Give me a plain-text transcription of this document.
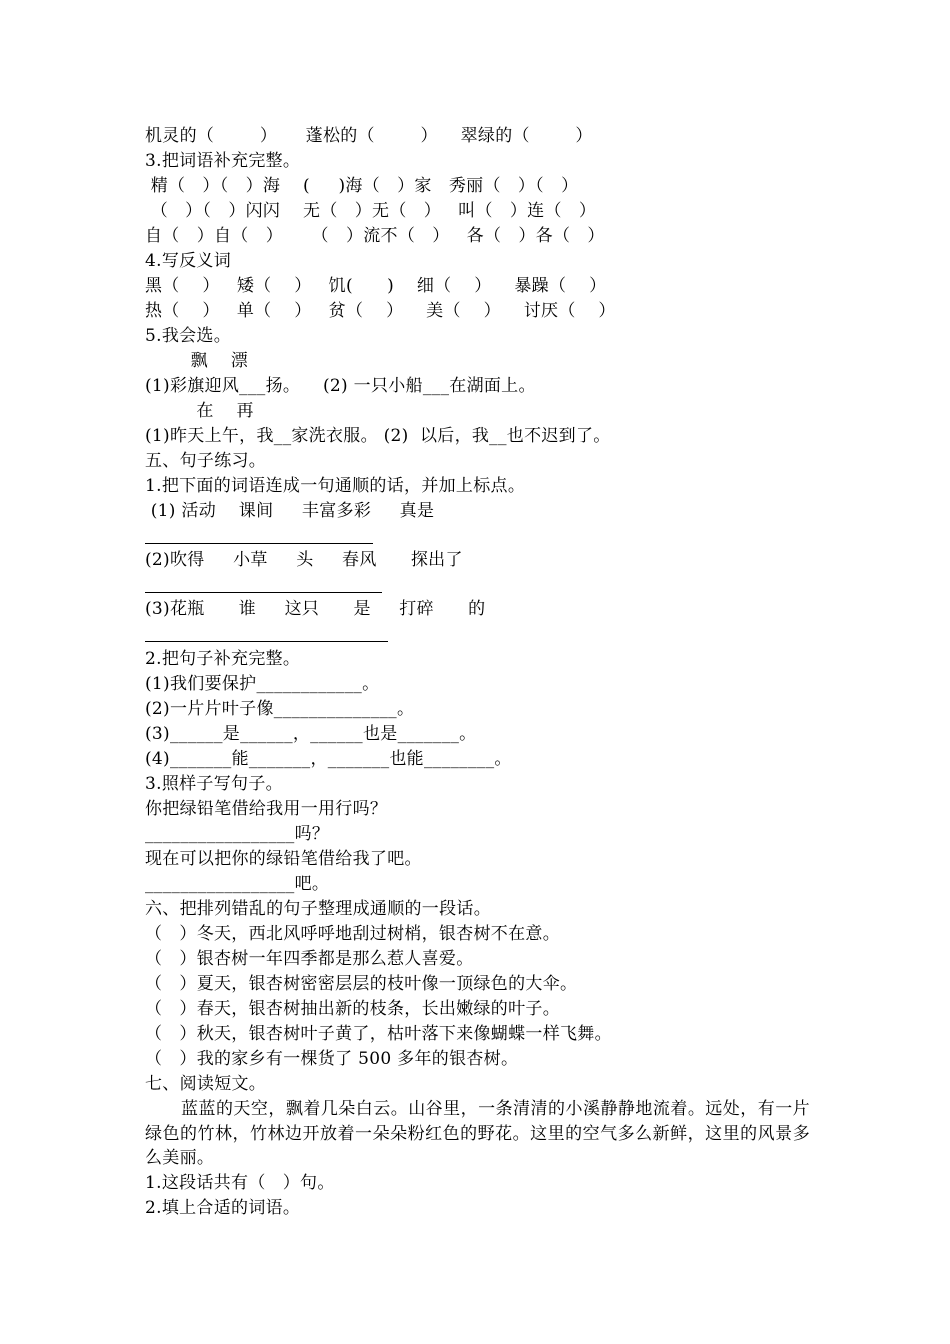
机灵的（        ）     蓬松的（        ）    翠绿的（        ）
3.把词语补充完整。
精（   ）（   ）海    (     )海（   ）家   秀丽（   ）（   ）
（   ）（   ）闪闪    无（   ）无（   ）   叫（   ）连（   ）
自（   ）自（   ）     （   ）流不（   ）   各（   ）各（   ）
4.写反义词
黑（    ）   矮（    ）   饥(      )    细（    ）    暴躁（    ）
热（    ）   单（    ）   贫（    ）    美（    ）    讨厌（    ）
5.我会选。
飘    漂
(1)彩旗迎风___扬。    (2) 一只小船___在湖面上。
在    再
(1)昨天上午，我__家洗衣服。 (2)  以后，我__也不迟到了。
五、句子练习。
1.把下面的词语连成一句通顺的话，并加上标点。
(1) 活动    课间     丰富多彩     真是
(2)吹得     小草     头     春风      探出了
(3)花瓶      谁     这只      是     打碎      的
2.把句子补充完整。
(1)我们要保护____________。
(2)一片片叶子像______________。
(3)______是______，______也是_______。
(4)_______能_______，_______也能________。
3.照样子写句子。
你把绿铅笔借给我用一用行吗？
_________________吗？
现在可以把你的绿铅笔借给我了吧。
_________________吧。
六、把排列错乱的句子整理成通顺的一段话。
（   ）冬天，西北风呼呼地刮过树梢，银杏树不在意。
（   ）银杏树一年四季都是那么惹人喜爱。
（   ）夏天，银杏树密密层层的枝叶像一顶绿色的大伞。
（   ）春天，银杏树抽出新的枝条，长出嫩绿的叶子。
（   ）秋天，银杏树叶子黄了，枯叶落下来像蝴蝶一样飞舞。
（   ）我的家乡有一棵货了 500 多年的银杏树。
七、阅读短文。
蓝蓝的天空，飘着几朵白云。山谷里，一条清清的小溪静静地流着。远处，有一片绿色的竹林，竹林边开放着一朵朵粉红色的野花。这里的空气多么新鲜，这里的风景多么美丽。
1.这段话共有（   ）句。
2.填上合适的词语。
